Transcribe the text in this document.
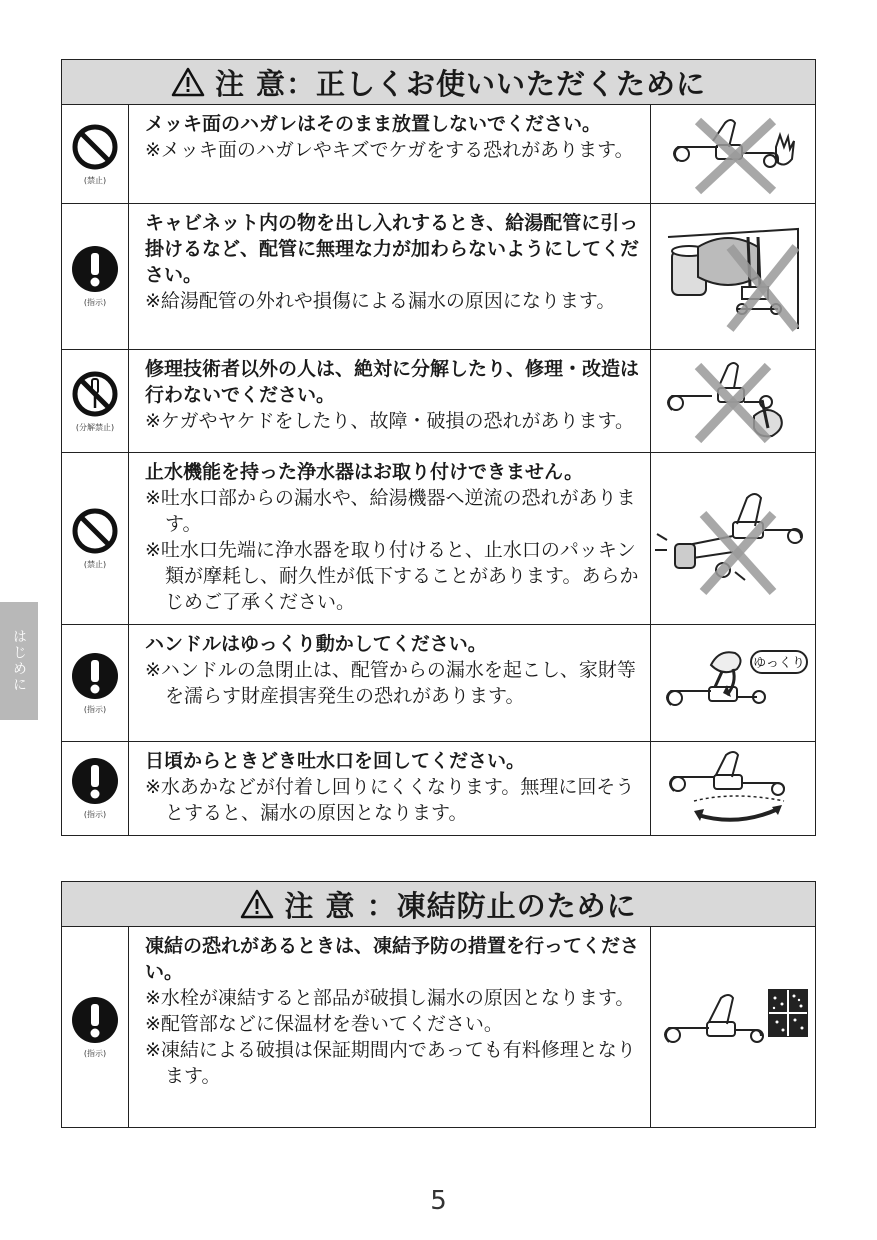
はじめに
注 意：正しくお使いいただくために
(禁止)
メッキ面のハガレはそのまま放置しないでください。
※メッキ面のハガレやキズでケガをする恐れがあります。
(指示)
キャビネット内の物を出し入れするとき、給湯配管に引っ掛けるなど、配管に無理な力が加わらないようにしてください。
※給湯配管の外れや損傷による漏水の原因になります。
(分解禁止)
修理技術者以外の人は、絶対に分解したり、修理・改造は行わないでください。
※ケガやヤケドをしたり、故障・破損の恐れがあります。
(禁止)
止水機能を持った浄水器はお取り付けできません。
※吐水口部からの漏水や、給湯機器へ逆流の恐れがあります。
※吐水口先端に浄水器を取り付けると、止水口のパッキン類が摩耗し、耐久性が低下することがあります。あらかじめご了承ください。
(指示)
ハンドルはゆっくり動かしてください。
※ハンドルの急閉止は、配管からの漏水を起こし、家財等を濡らす財産損害発生の恐れがあります。
ゆっくり
(指示)
日頃からときどき吐水口を回してください。
※水あかなどが付着し回りにくくなります。無理に回そうとすると、漏水の原因となります。
注 意 ：凍結防止のために
(指示)
凍結の恐れがあるときは、凍結予防の措置を行ってください。
※水栓が凍結すると部品が破損し漏水の原因となります。
※配管部などに保温材を巻いてください。
※凍結による破損は保証期間内であっても有料修理となります。
5
